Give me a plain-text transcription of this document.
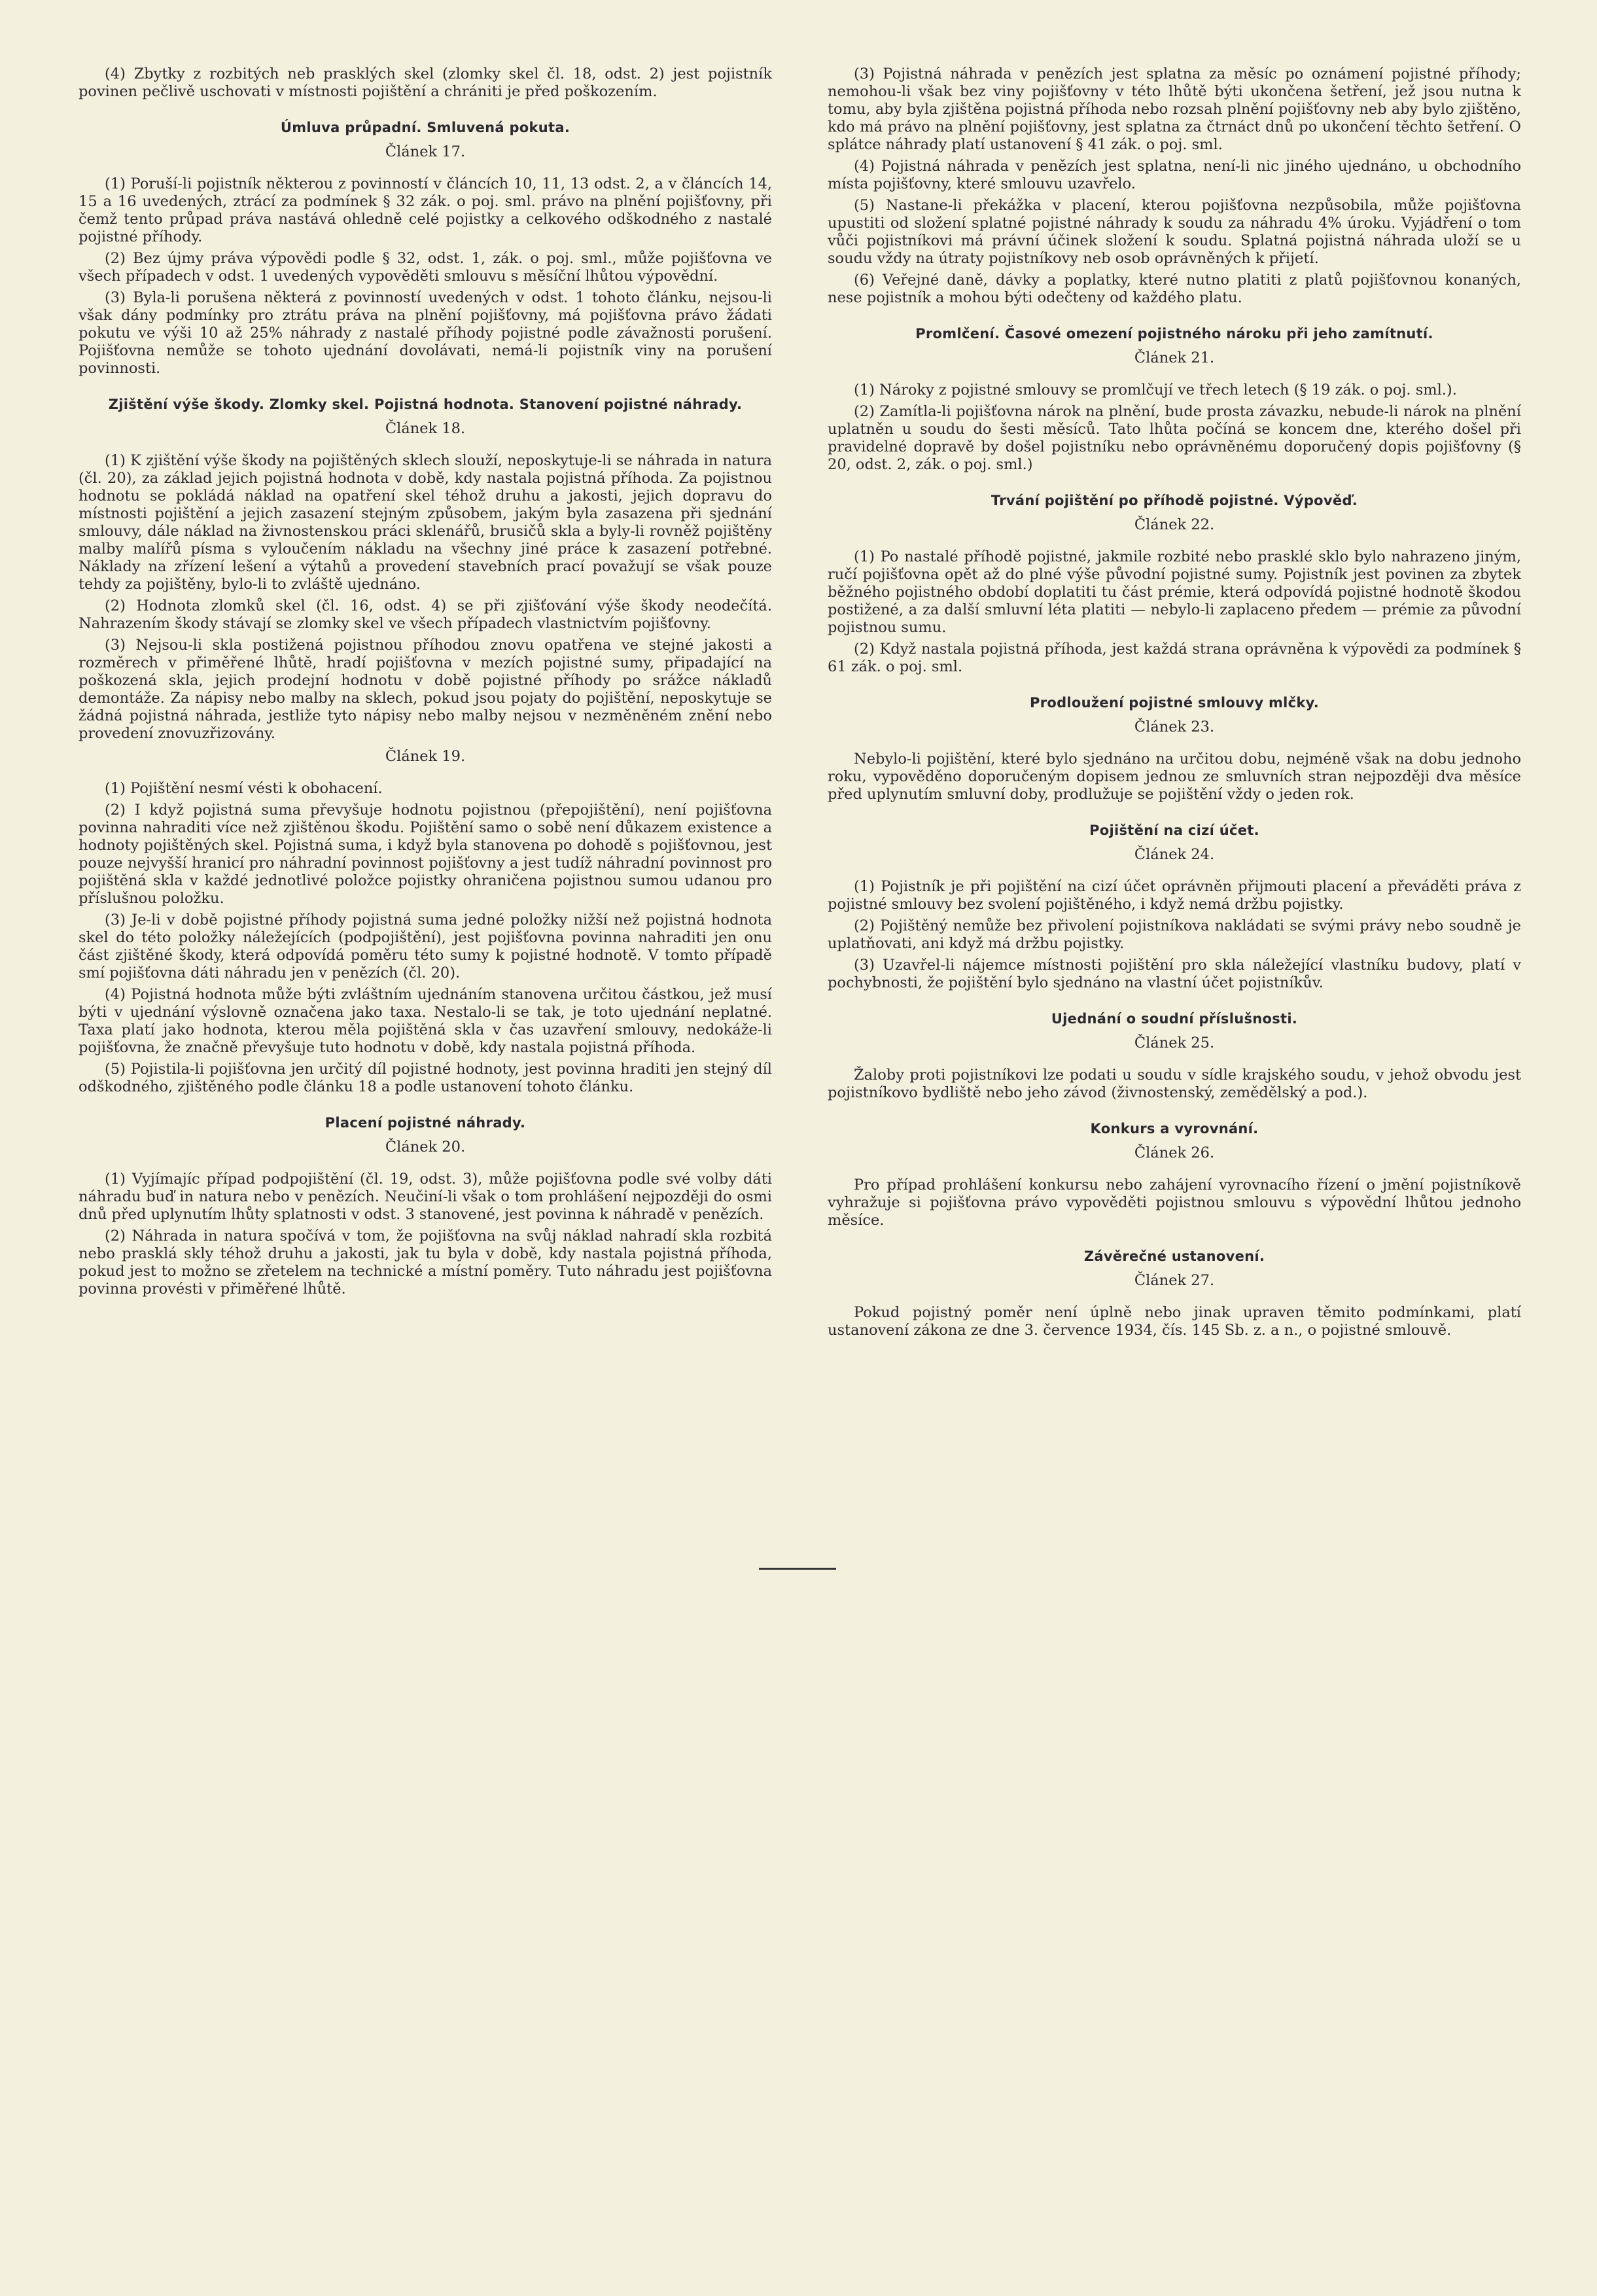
(4) Zbytky z rozbitých neb prasklých skel (zlomky skel čl. 18, odst. 2) jest pojistník povinen pečlivě uschovati v místnosti pojištění a chrániti je před poškozením.

Úmluva průpadní. Smluvená pokuta.
Článek 17.

(1) Poruší-li pojistník některou z povinností v článcích 10, 11, 13 odst. 2, a v článcích 14, 15 a 16 uvedených, ztrácí za podmínek § 32 zák. o poj. sml. právo na plnění pojišťovny, při čemž tento průpad práva nastává ohledně celé pojistky a celkového odškodného z nastalé pojistné příhody.

(2) Bez újmy práva výpovědi podle § 32, odst. 1, zák. o poj. sml., může pojišťovna ve všech případech v odst. 1 uvedených vypověděti smlouvu s měsíční lhůtou výpovědní.

(3) Byla-li porušena některá z povinností uvedených v odst. 1 tohoto článku, nejsou-li však dány podmínky pro ztrátu práva na plnění pojišťovny, má pojišťovna právo žádati pokutu ve výši 10 až 25% náhrady z nastalé příhody pojistné podle závažnosti porušení. Pojišťovna nemůže se tohoto ujednání dovolávati, nemá-li pojistník viny na porušení povinnosti.

Zjištění výše škody. Zlomky skel. Pojistná hodnota. Stanovení pojistné náhrady.
Článek 18.

(1) K zjištění výše škody na pojištěných sklech slouží, neposkytuje-li se náhrada in natura (čl. 20), za základ jejich pojistná hodnota v době, kdy nastala pojistná příhoda. Za pojistnou hodnotu se pokládá náklad na opatření skel téhož druhu a jakosti, jejich dopravu do místnosti pojištění a jejich zasazení stejným způsobem, jakým byla zasazena při sjednání smlouvy, dále náklad na živnostenskou práci sklenářů, brusičů skla a byly-li rovněž pojištěny malby malířů písma s vyloučením nákladu na všechny jiné práce k zasazení potřebné. Náklady na zřízení lešení a výtahů a provedení stavebních prací považují se však pouze tehdy za pojištěny, bylo-li to zvláště ujednáno.

(2) Hodnota zlomků skel (čl. 16, odst. 4) se při zjišťování výše škody neodečítá. Nahrazením škody stávají se zlomky skel ve všech případech vlastnictvím pojišťovny.

(3) Nejsou-li skla postižená pojistnou příhodou znovu opatřena ve stejné jakosti a rozměrech v přiměřené lhůtě, hradí pojišťovna v mezích pojistné sumy, připadající na poškozená skla, jejich prodejní hodnotu v době pojistné příhody po srážce nákladů demontáže. Za nápisy nebo malby na sklech, pokud jsou pojaty do pojištění, neposkytuje se žádná pojistná náhrada, jestliže tyto nápisy nebo malby nejsou v nezměněném znění nebo provedení znovuzřizovány.

Článek 19.

(1) Pojištění nesmí vésti k obohacení.

(2) I když pojistná suma převyšuje hodnotu pojistnou (přepojištění), není pojišťovna povinna nahraditi více než zjištěnou škodu. Pojištění samo o sobě není důkazem existence a hodnoty pojištěných skel. Pojistná suma, i když byla stanovena po dohodě s pojišťovnou, jest pouze nejvyšší hranicí pro náhradní povinnost pojišťovny a jest tudíž náhradní povinnost pro pojištěná skla v každé jednotlivé položce pojistky ohraničena pojistnou sumou udanou pro příslušnou položku.

(3) Je-li v době pojistné příhody pojistná suma jedné položky nižší než pojistná hodnota skel do této položky náležejících (podpojištění), jest pojišťovna povinna nahraditi jen onu část zjištěné škody, která odpovídá poměru této sumy k pojistné hodnotě. V tomto případě smí pojišťovna dáti náhradu jen v penězích (čl. 20).

(4) Pojistná hodnota může býti zvláštním ujednáním stanovena určitou částkou, jež musí býti v ujednání výslovně označena jako taxa. Nestalo-li se tak, je toto ujednání neplatné. Taxa platí jako hodnota, kterou měla pojištěná skla v čas uzavření smlouvy, nedokáže-li pojišťovna, že značně převyšuje tuto hodnotu v době, kdy nastala pojistná příhoda.

(5) Pojistila-li pojišťovna jen určitý díl pojistné hodnoty, jest povinna hraditi jen stejný díl odškodného, zjištěného podle článku 18 a podle ustanovení tohoto článku.

Placení pojistné náhrady.
Článek 20.

(1) Vyjímajíc případ podpojištění (čl. 19, odst. 3), může pojišťovna podle své volby dáti náhradu buď in natura nebo v penězích. Neučiní-li však o tom prohlášení nejpozději do osmi dnů před uplynutím lhůty splatnosti v odst. 3 stanovené, jest povinna k náhradě v penězích.

(2) Náhrada in natura spočívá v tom, že pojišťovna na svůj náklad nahradí skla rozbitá nebo prasklá skly téhož druhu a jakosti, jak tu byla v době, kdy nastala pojistná příhoda, pokud jest to možno se zřetelem na technické a místní poměry. Tuto náhradu jest pojišťovna povinna provésti v přiměřené lhůtě.

(3) Pojistná náhrada v penězích jest splatna za měsíc po oznámení pojistné příhody; nemohou-li však bez viny pojišťovny v této lhůtě býti ukončena šetření, jež jsou nutna k tomu, aby byla zjištěna pojistná příhoda nebo rozsah plnění pojišťovny neb aby bylo zjištěno, kdo má právo na plnění pojišťovny, jest splatna za čtrnáct dnů po ukončení těchto šetření. O splátce náhrady platí ustanovení § 41 zák. o poj. sml.

(4) Pojistná náhrada v penězích jest splatna, není-li nic jiného ujednáno, u obchodního místa pojišťovny, které smlouvu uzavřelo.

(5) Nastane-li překážka v placení, kterou pojišťovna nezpůsobila, může pojišťovna upustiti od složení splatné pojistné náhrady k soudu za náhradu 4% úroku. Vyjádření o tom vůči pojistníkovi má právní účinek složení k soudu. Splatná pojistná náhrada uloží se u soudu vždy na útraty pojistníkovy neb osob oprávněných k přijetí.

(6) Veřejné daně, dávky a poplatky, které nutno platiti z platů pojišťovnou konaných, nese pojistník a mohou býti odečteny od každého platu.

Promlčení. Časové omezení pojistného nároku při jeho zamítnutí.
Článek 21.

(1) Nároky z pojistné smlouvy se promlčují ve třech letech (§ 19 zák. o poj. sml.).

(2) Zamítla-li pojišťovna nárok na plnění, bude prosta závazku, nebude-li nárok na plnění uplatněn u soudu do šesti měsíců. Tato lhůta počíná se koncem dne, kterého došel při pravidelné dopravě by došel pojistníku nebo oprávněnému doporučený dopis pojišťovny (§ 20, odst. 2, zák. o poj. sml.)

Trvání pojištění po příhodě pojistné. Výpověď.
Článek 22.

(1) Po nastalé příhodě pojistné, jakmile rozbité nebo prasklé sklo bylo nahrazeno jiným, ručí pojišťovna opět až do plné výše původní pojistné sumy. Pojistník jest povinen za zbytek běžného pojistného období doplatiti tu část prémie, která odpovídá pojistné hodnotě škodou postižené, a za další smluvní léta platiti — nebylo-li zaplaceno předem — prémie za původní pojistnou sumu.

(2) Když nastala pojistná příhoda, jest každá strana oprávněna k výpovědi za podmínek § 61 zák. o poj. sml.

Prodloužení pojistné smlouvy mlčky.
Článek 23.

Nebylo-li pojištění, které bylo sjednáno na určitou dobu, nejméně však na dobu jednoho roku, vypověděno doporučeným dopisem jednou ze smluvních stran nejpozději dva měsíce před uplynutím smluvní doby, prodlužuje se pojištění vždy o jeden rok.

Pojištění na cizí účet.
Článek 24.

(1) Pojistník je při pojištění na cizí účet oprávněn přijmouti placení a převáděti práva z pojistné smlouvy bez svolení pojištěného, i když nemá držbu pojistky.

(2) Pojištěný nemůže bez přivolení pojistníkova nakládati se svými právy nebo soudně je uplatňovati, ani když má držbu pojistky.

(3) Uzavřel-li nájemce místnosti pojištění pro skla náležející vlastníku budovy, platí v pochybnosti, že pojištění bylo sjednáno na vlastní účet pojistníkův.

Ujednání o soudní příslušnosti.
Článek 25.

Žaloby proti pojistníkovi lze podati u soudu v sídle krajského soudu, v jehož obvodu jest pojistníkovo bydliště nebo jeho závod (živnostenský, zemědělský a pod.).

Konkurs a vyrovnání.
Článek 26.

Pro případ prohlášení konkursu nebo zahájení vyrovnacího řízení o jmění pojistníkově vyhražuje si pojišťovna právo vypověděti pojistnou smlouvu s výpovědní lhůtou jednoho měsíce.

Závěrečné ustanovení.
Článek 27.

Pokud pojistný poměr není úplně nebo jinak upraven těmito podmínkami, platí ustanovení zákona ze dne 3. července 1934, čís. 145 Sb. z. a n., o pojistné smlouvě.
